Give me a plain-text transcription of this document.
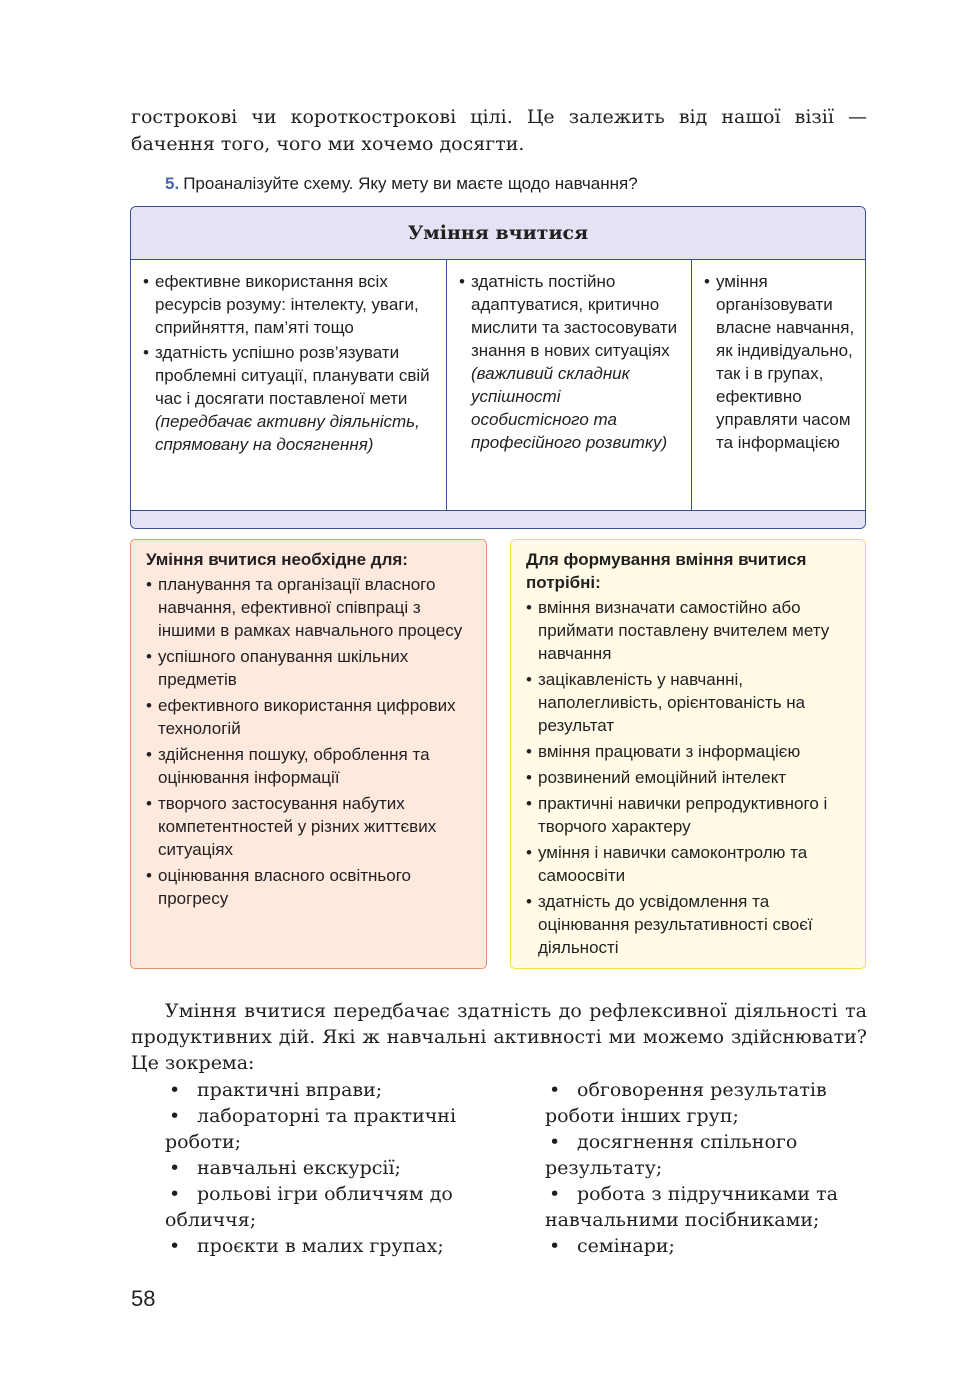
гострокові чи короткострокові цілі. Це залежить від нашої візії —
бачення того, чого ми хочемо досягти.
5. Проаналізуйте схему. Яку мету ви маєте щодо навчання?
Уміння вчитися
• ефективне використання всіх ресурсів розуму: інтелекту, уваги, сприйняття, пам’яті тощо
• здатність успішно розв’язувати проблемні ситуації, планувати свій час і досягати поставленої мети (передбачає активну діяльність, спрямовану на досягнення)
• здатність постійно адаптуватися, критично мислити та застосовувати знання в нових ситуаціях (важливий складник успішності особистісного та професійного розвитку)
• уміння організовувати власне навчання, як індивідуально, так і в групах, ефективно управляти часом та інформацією
Уміння вчитися необхідне для:
• планування та організації власного навчання, ефективної співпраці з іншими в рамках навчального процесу
• успішного опанування шкільних предметів
• ефективного використання цифрових технологій
• здійснення пошуку, оброблення та оцінювання інформації
• творчого застосування набутих компетентностей у різних життєвих ситуаціях
• оцінювання власного освітнього прогресу
Для формування вміння вчитися потрібні:
• вміння визначати самостійно або приймати поставлену вчителем мету навчання
• зацікавленість у навчанні, наполегливість, орієнтованість на результат
• вміння працювати з інформацією
• розвинений емоційний інтелект
• практичні навички репродуктивного і творчого характеру
• уміння і навички самоконтролю та самоосвіти
• здатність до усвідомлення та оцінювання результативності своєї діяльності
Уміння вчитися передбачає здатність до рефлексивної діяльності та продуктивних дій. Які ж навчальні активності ми можемо здійснювати? Це зокрема:
• практичні вправи;
• лабораторні та практичні роботи;
• навчальні екскурсії;
• рольові ігри обличчям до обличчя;
• проєкти в малих групах;
• обговорення результатів роботи інших груп;
• досягнення спільного результату;
• робота з підручниками та навчальними посібниками;
• семінари;
58
